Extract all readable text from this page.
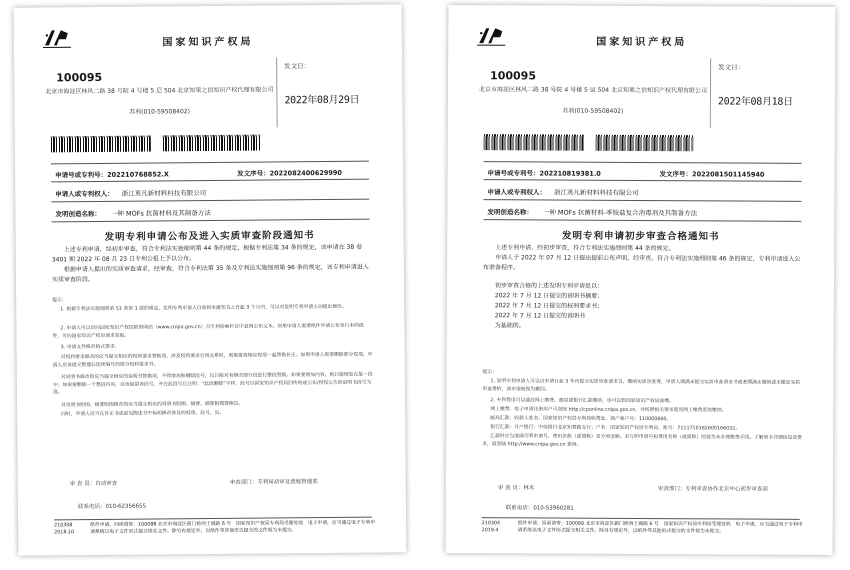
国家知识产权局
100095
北京市海淀区林风二路 38 号院 4 号楼 5 层 504 北京知果之信知识产权代理有限公司
苏利(010-59508402)
发文日：
2022年08月29日
申请号或专利号：202210768852.X	发文序号：2022082400629990
申请人或专利权人： 浙江英凡新材料科技有限公司
发明创造名称： 一种 MOFs 抗菌材料及其制备方法
发明专利申请公布及进入实质审查阶段通知书
上述专利申请，经初步审查，符合专利法实施细则第 44 条的规定，根据专利法第 34 条的规定，该申请在 38 卷 3401 期 2022 年 08 月 23 日专利公报上予以公布。
根据申请人提出的实质审查请求，经审查，符合专利法第 35 条及专利法实施细则第 96 条的规定，该专利申请进入实质审查阶段。
提示：
1. 根据专利法实施细则第 51 条第 1 款的规定，发明专利申请人自收到本通知书之日起 3 个月内，可以对发明专利申请主动提出修改。
2. 申请人可以访问国家知识产权局政府网站（www.cnipa.gov.cn）点专利检索栏目中查询公布文本。如果申请人需要纸件申请公布单行本的纸件，可向国家知识产权局请求获取。
3. 申请文件修改格式要求：
对权利要求修改的应当提交相应的权利要求替换项，涉及权利要求引用关系时，则需要将相应权项一起替换补正。如果申请人需要删除部分权项，申请人应该提交整理后连续编号的部分权利要求书。
对说明书修改的应当提交相应的说明书替换项，不得增加和删除段号，仅只能对有修改部分段进行整段替换。如果要增加内容，则只能增加在某一段中；如果要删除一个整段内容，应该保留该段号，并在此段号后注明：“此段删除”字样。段号以国家知识产权局回传的或公布/授权公告的说明书段号为准。
对说明书附图、摘要附图修改的应当提交相应的说明书附图、摘要、摘要附图替换页。
同时，申请人应当在补正书或意见陈述书中标明修改涉及的权项、段号、页。
审 查 员：自动审查	审查部门：专利局初审及流程管理部
联系电话：010-62356655
210308
2018.10
纸件申请，回函请寄：100088 北京市海淀区蓟门桥西土城路 6 号　国家知识产权局专利局受理处收　电子申请，应当通过电子专利申请系统以电子文件形式提交相关文件。除另有规定外，以纸件等其他形式提交的文件视为未提交。
国家知识产权局
100095
北京市海淀区林风二路 38 号院 4 号楼 5 层 504 北京知果之信知识产权代理有限公司
苏利(010-59508402)
发文日：
2022年08月18日
申请号或专利号：202210819381.0	发文序号：2022081501145940
申请人或专利权人： 浙江英凡新材料科技有限公司
发明创造名称： 一种 MOFs 抗菌材料-季铵盐复合消毒剂及其制备方法
发明专利申请初步审查合格通知书
上述专利申请，经初步审查，符合专利法实施细则第 44 条的规定。
申请人于 2022 年 07 月 12 日提出提前公布声明，经审查，符合专利法实施细则第 46 条的规定，专利申请进入公布准备程序。
初步审查合格的上述发明专利申请是以：
2022 年 7 月 12 日提交的说明书摘要；
2022 年 7 月 12 日提交的权利要求书；
2022 年 7 月 12 日提交的说明书
为基础的。
提示：
1. 发明专利申请人可以自申请日起 3 年内提交实质审查请求书、缴纳实质审查费，申请人期满未提交实质审查请求书或者期满未缴纳或未缴足实质审查费的，该申请被视为撤回。
2. 专利费用可以通过网上缴费、邮局或银行汇款缴纳，也可以到国家知识产权局面缴。
网上缴费：电子申请注册用户可登陆 http://cponline.cnipa.gov.cn，并按照相关要求使用网上缴费系统缴纳。
邮局汇款：收款人姓名：国家知识产权局专利局收费处，商户客户号：110000860。
银行汇款：开户银行：中信银行北京知春路支行；户名：国家知识产权局专利局，账号：7111710182600166032。
汇款时应当准确写明申请号、费用名称（或简称）及分项金额。未写明申请号和费用名称（或简称）的视为未办理缴费手续。了解更多详细信息及要求，请登陆 http://www.cnipa.gov.cn 查询。
审 查 员：林禾	审查部门：专利审查协作北京中心初步审查部
联系电话：010-53960281
210304
2019.4
纸件申请，回函请寄：100088 北京市海淀区蓟门桥西土城路 6 号　国家知识产权局专利局受理处收　电子申请，应当通过电子专利申请系统以电子文件形式提交相关文件。除另有规定外，以纸件等其他形式提交的文件视为未提交。
